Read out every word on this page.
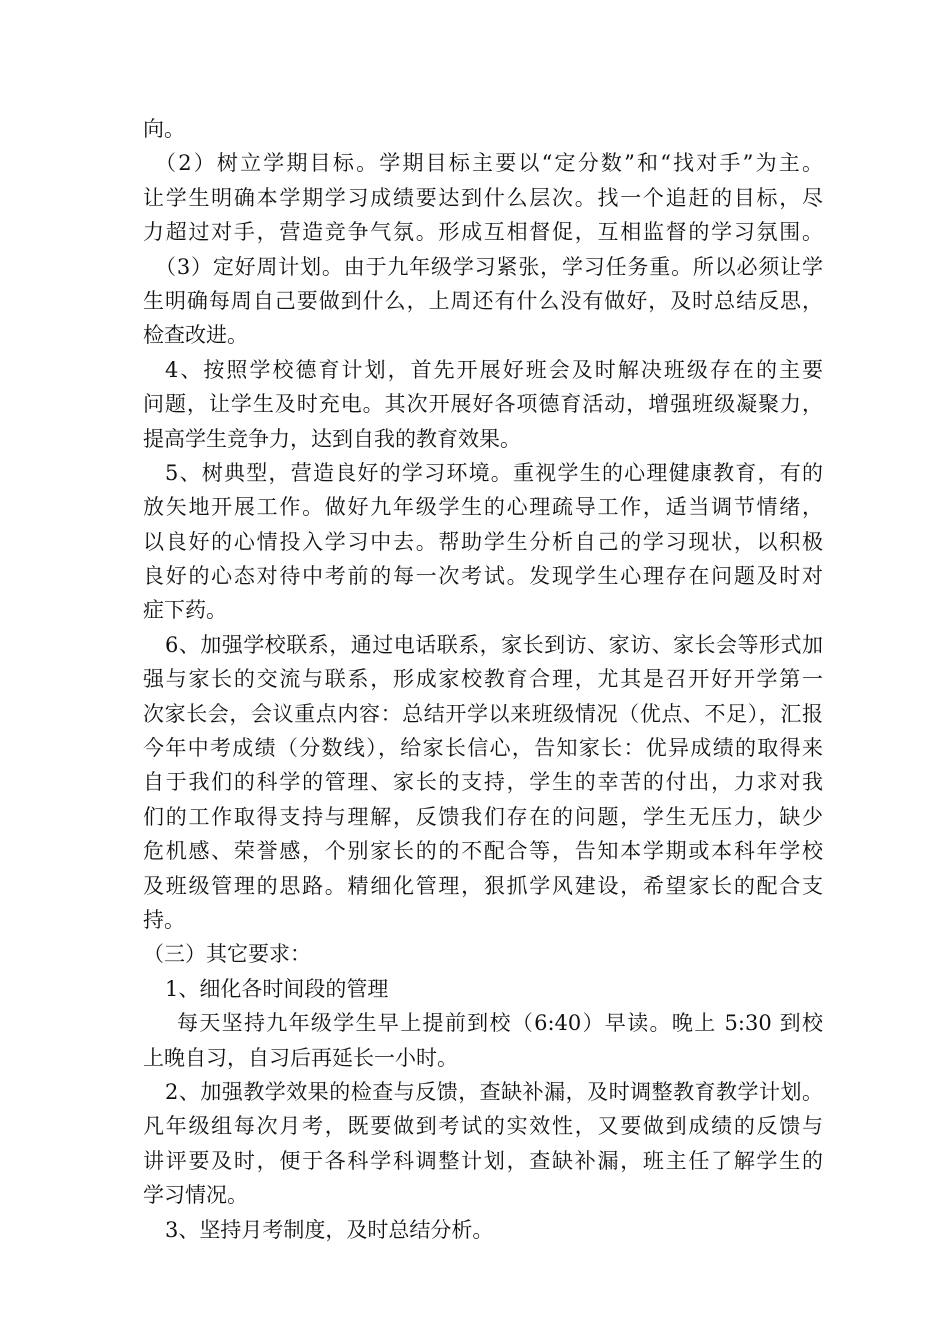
向。
（2）树立学期目标。学期目标主要以“定分数”和“找对手”为主。
让学生明确本学期学习成绩要达到什么层次。找一个追赶的目标，尽
力超过对手，营造竞争气氛。形成互相督促，互相监督的学习氛围。
（3）定好周计划。由于九年级学习紧张，学习任务重。所以必须让学
生明确每周自己要做到什么，上周还有什么没有做好，及时总结反思，
检查改进。
4、按照学校德育计划，首先开展好班会及时解决班级存在的主要
问题，让学生及时充电。其次开展好各项德育活动，增强班级凝聚力，
提高学生竞争力，达到自我的教育效果。
5、树典型，营造良好的学习环境。重视学生的心理健康教育，有的
放矢地开展工作。做好九年级学生的心理疏导工作，适当调节情绪，
以良好的心情投入学习中去。帮助学生分析自己的学习现状，以积极
良好的心态对待中考前的每一次考试。发现学生心理存在问题及时对
症下药。
6、加强学校联系，通过电话联系，家长到访、家访、家长会等形式加
强与家长的交流与联系，形成家校教育合理，尤其是召开好开学第一
次家长会，会议重点内容：总结开学以来班级情况（优点、不足），汇报
今年中考成绩（分数线），给家长信心，告知家长：优异成绩的取得来
自于我们的科学的管理、家长的支持，学生的幸苦的付出，力求对我
们的工作取得支持与理解，反馈我们存在的问题，学生无压力，缺少
危机感、荣誉感，个别家长的的不配合等，告知本学期或本科年学校
及班级管理的思路。精细化管理，狠抓学风建设，希望家长的配合支
持。
（三）其它要求：
1、细化各时间段的管理
每天坚持九年级学生早上提前到校（6:40）早读。晚上 5:30 到校
上晚自习，自习后再延长一小时。
2、加强教学效果的检查与反馈，查缺补漏，及时调整教育教学计划。
凡年级组每次月考，既要做到考试的实效性，又要做到成绩的反馈与
讲评要及时，便于各科学科调整计划，查缺补漏，班主任了解学生的
学习情况。
3、坚持月考制度，及时总结分析。
